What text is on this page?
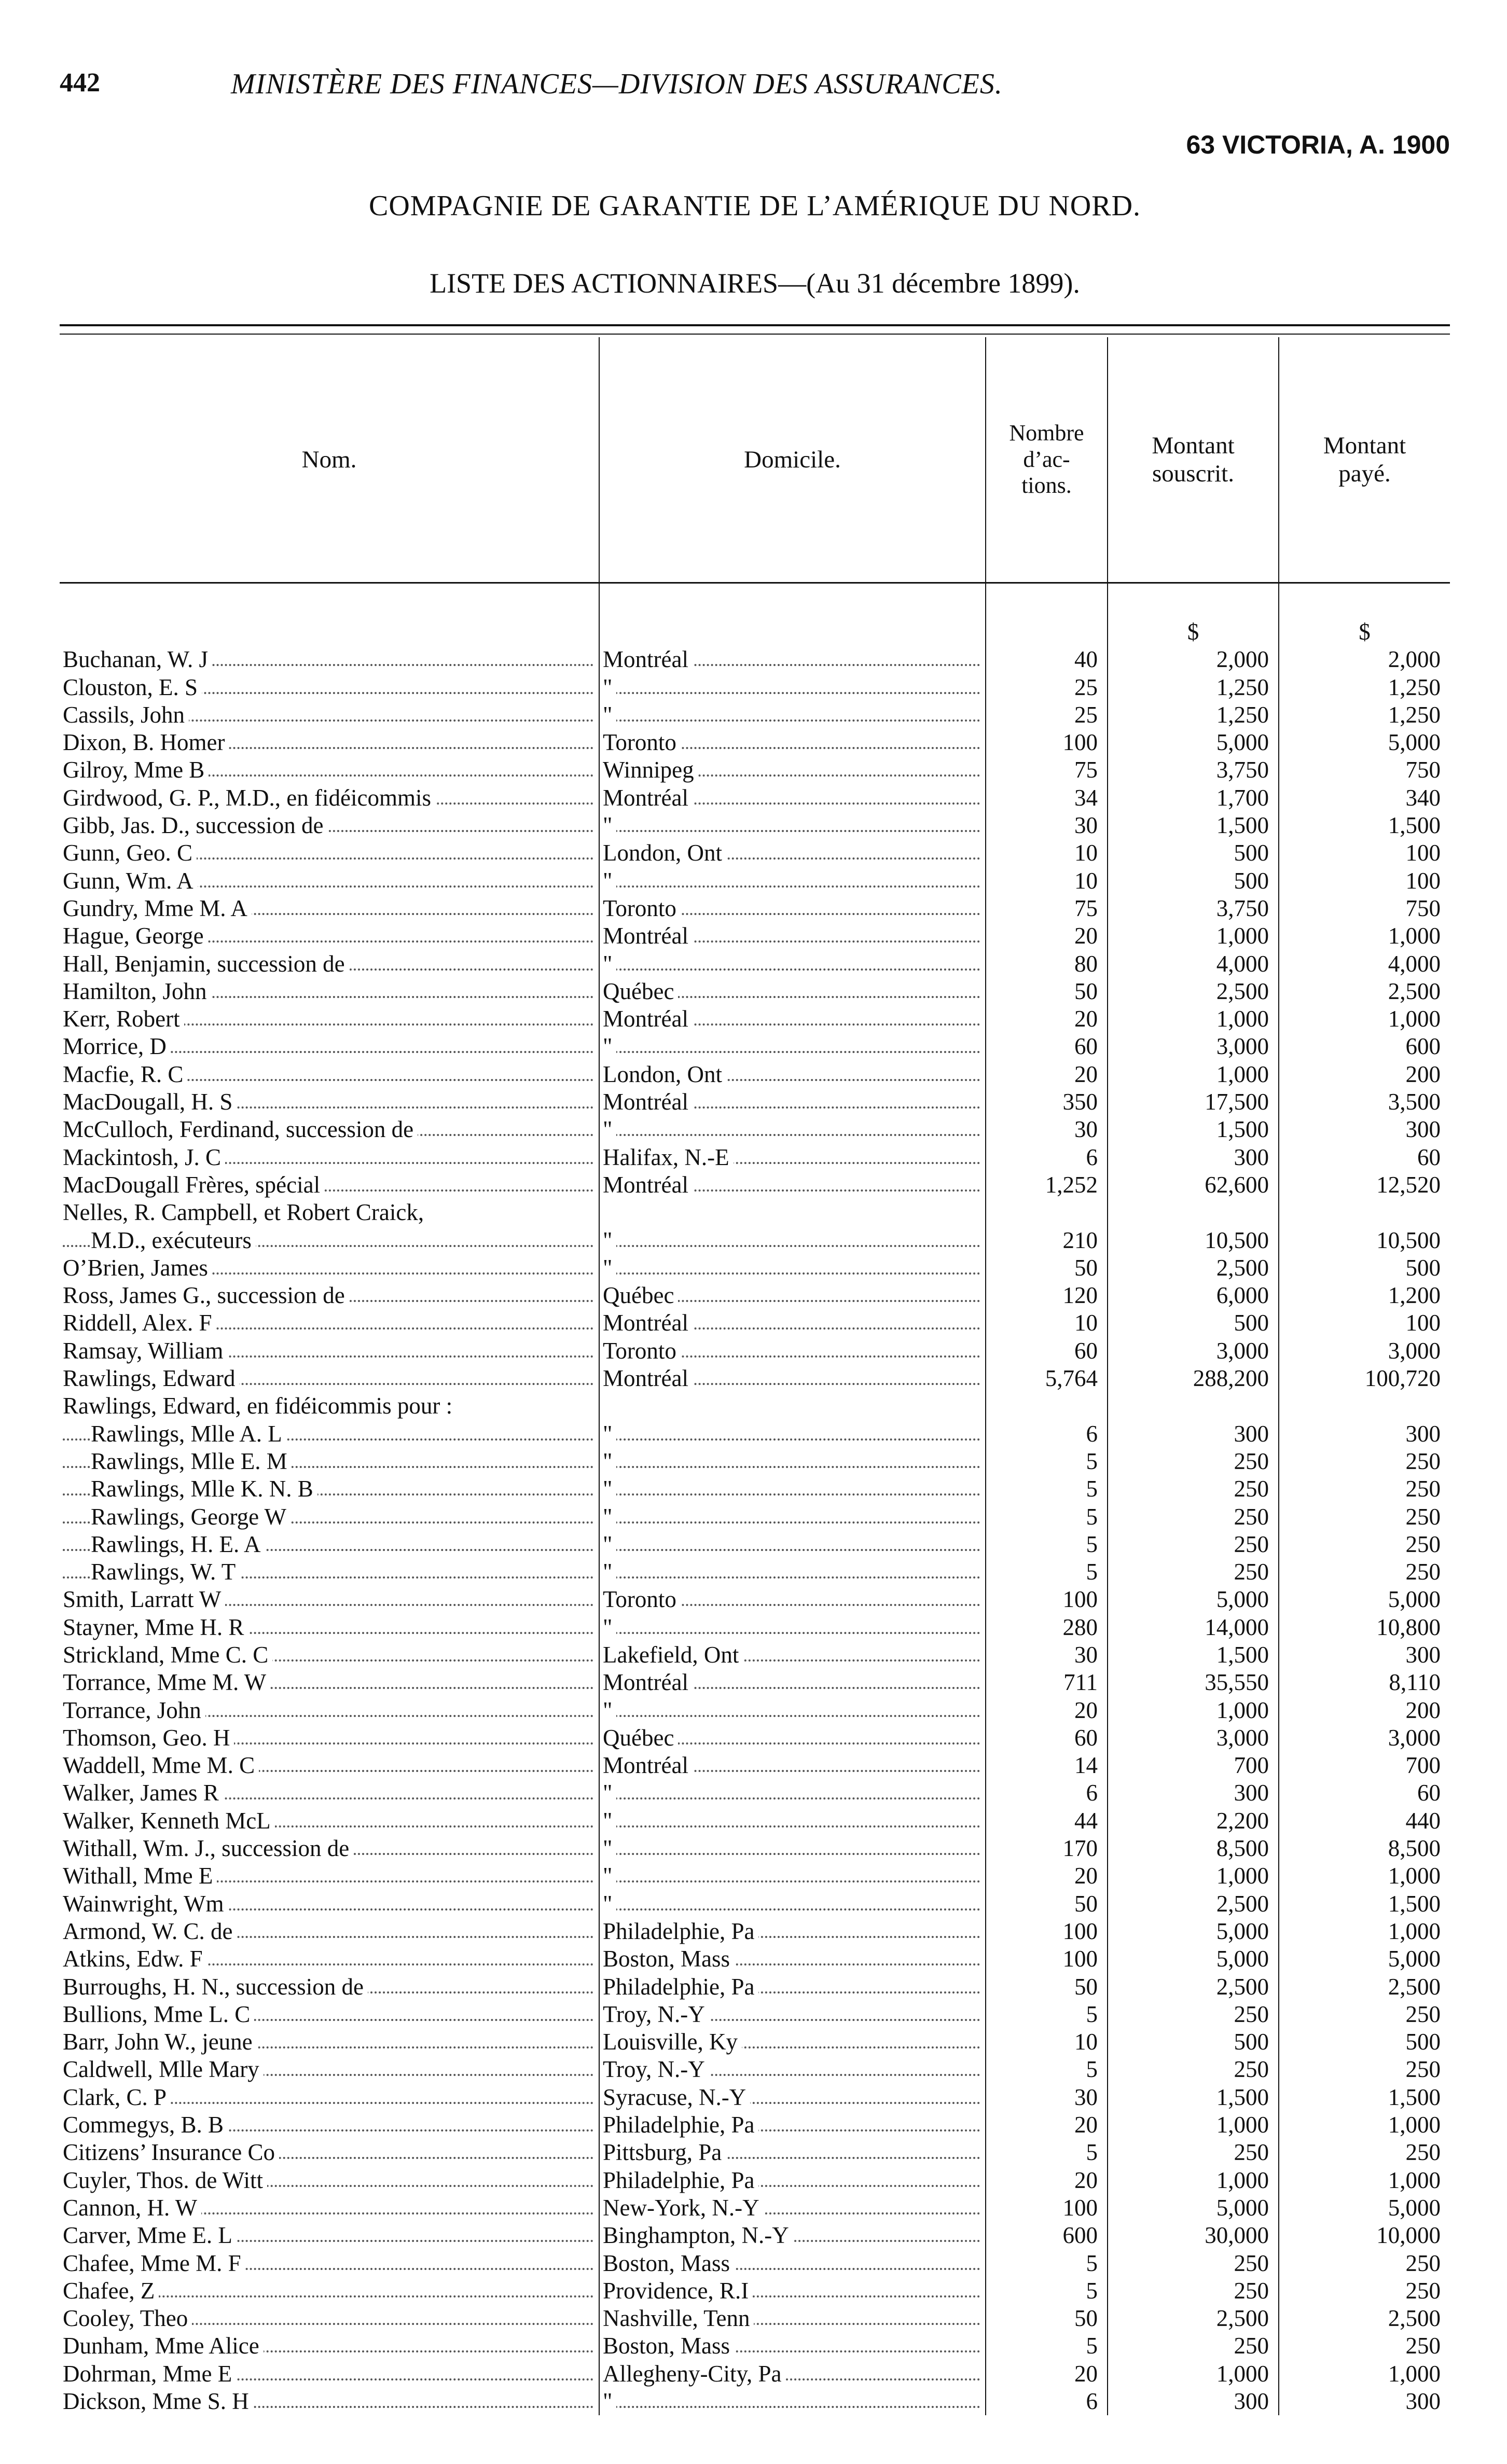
442	MINISTÈRE DES FINANCES—DIVISION DES ASSURANCES.
63 VICTORIA, A. 1900
COMPAGNIE DE GARANTIE DE L’AMÉRIQUE DU NORD.
LISTE DES ACTIONNAIRES—(Au 31 décembre 1899).
Nom.	Domicile.	Nombre
d’ac-
tions.	Montant
souscrit.	Montant
payé.
			$	$
Buchanan, W. J	Montréal	40	2,000	2,000
Clouston, E. S	"	25	1,250	1,250
Cassils, John	"	25	1,250	1,250
Dixon, B. Homer	Toronto	100	5,000	5,000
Gilroy, Mme B	Winnipeg	75	3,750	750
Girdwood, G. P., M.D., en fidéicommis	Montréal	34	1,700	340
Gibb, Jas. D., succession de	"	30	1,500	1,500
Gunn, Geo. C	London, Ont	10	500	100
Gunn, Wm. A	"	10	500	100
Gundry, Mme M. A	Toronto	75	3,750	750
Hague, George	Montréal	20	1,000	1,000
Hall, Benjamin, succession de	"	80	4,000	4,000
Hamilton, John	Québec	50	2,500	2,500
Kerr, Robert	Montréal	20	1,000	1,000
Morrice, D	"	60	3,000	600
Macfie, R. C	London, Ont	20	1,000	200
MacDougall, H. S	Montréal	350	17,500	3,500
McCulloch, Ferdinand, succession de	"	30	1,500	300
Mackintosh, J. C	Halifax, N.-E	6	300	60
MacDougall Frères, spécial	Montréal	1,252	62,600	12,520
Nelles, R. Campbell, et Robert Craick,				
M.D., exécuteurs	"	210	10,500	10,500
O’Brien, James	"	50	2,500	500
Ross, James G., succession de	Québec	120	6,000	1,200
Riddell, Alex. F	Montréal	10	500	100
Ramsay, William	Toronto	60	3,000	3,000
Rawlings, Edward	Montréal	5,764	288,200	100,720
Rawlings, Edward, en fidéicommis pour :				
Rawlings, Mlle A. L	"	6	300	300
Rawlings, Mlle E. M	"	5	250	250
Rawlings, Mlle K. N. B	"	5	250	250
Rawlings, George W	"	5	250	250
Rawlings, H. E. A	"	5	250	250
Rawlings, W. T	"	5	250	250
Smith, Larratt W	Toronto	100	5,000	5,000
Stayner, Mme H. R	"	280	14,000	10,800
Strickland, Mme C. C	Lakefield, Ont	30	1,500	300
Torrance, Mme M. W	Montréal	711	35,550	8,110
Torrance, John	"	20	1,000	200
Thomson, Geo. H	Québec	60	3,000	3,000
Waddell, Mme M. C	Montréal	14	700	700
Walker, James R	"	6	300	60
Walker, Kenneth McL	"	44	2,200	440
Withall, Wm. J., succession de	"	170	8,500	8,500
Withall, Mme E	"	20	1,000	1,000
Wainwright, Wm	"	50	2,500	1,500
Armond, W. C. de	Philadelphie, Pa	100	5,000	1,000
Atkins, Edw. F	Boston, Mass	100	5,000	5,000
Burroughs, H. N., succession de	Philadelphie, Pa	50	2,500	2,500
Bullions, Mme L. C	Troy, N.-Y	5	250	250
Barr, John W., jeune	Louisville, Ky	10	500	500
Caldwell, Mlle Mary	Troy, N.-Y	5	250	250
Clark, C. P	Syracuse, N.-Y	30	1,500	1,500
Commegys, B. B	Philadelphie, Pa	20	1,000	1,000
Citizens’ Insurance Co	Pittsburg, Pa	5	250	250
Cuyler, Thos. de Witt	Philadelphie, Pa	20	1,000	1,000
Cannon, H. W	New-York, N.-Y	100	5,000	5,000
Carver, Mme E. L	Binghampton, N.-Y	600	30,000	10,000
Chafee, Mme M. F	Boston, Mass	5	250	250
Chafee, Z	Providence, R.I	5	250	250
Cooley, Theo	Nashville, Tenn	50	2,500	2,500
Dunham, Mme Alice	Boston, Mass	5	250	250
Dohrman, Mme E	Allegheny-City, Pa	20	1,000	1,000
Dickson, Mme S. H	"	6	300	300
